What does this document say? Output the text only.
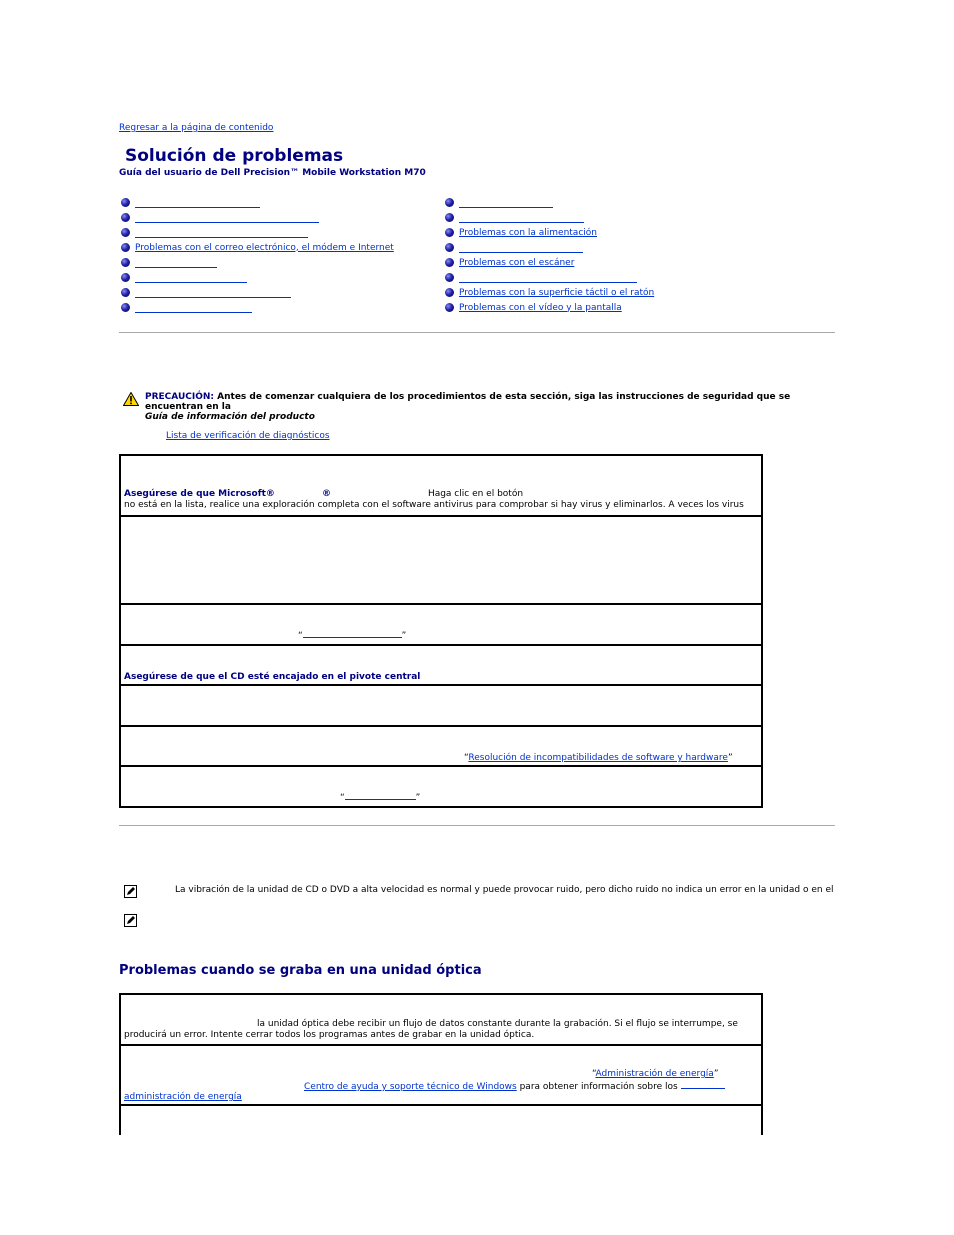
Regresar a la página de contenido
Solución de problemas
Guía del usuario de Dell Precision™ Mobile Workstation M70
Problemas con el correo electrónico, el módem e Internet
Problemas con la alimentación
Problemas con el escáner
Problemas con la superficie táctil o el ratón
Problemas con el vídeo y la pantalla
PRECAUCIÓN: Antes de comenzar cualquiera de los procedimientos de esta sección, siga las instrucciones de seguridad que se encuentran en la
Guía de información del producto
Lista de verificación de diagnósticos
Asegúrese de que Microsoft®	®	Haga clic en el botón
no está en la lista, realice una exploración completa con el software antivirus para comprobar si hay virus y eliminarlos. A veces los virus

“	”
Asegúrese de que el CD esté encajado en el pivote central

“Resolución de incompatibilidades de software y hardware”
“	”
La vibración de la unidad de CD o DVD a alta velocidad es normal y puede provocar ruido, pero dicho ruido no indica un error en la unidad o en el
Problemas cuando se graba en una unidad óptica
la unidad óptica debe recibir un flujo de datos constante durante la grabación. Si el flujo se interrumpe, se
producirá un error. Intente cerrar todos los programas antes de grabar en la unidad óptica.
“Administración de energía”
Centro de ayuda y soporte técnico de Windows para obtener información sobre los
administración de energía
